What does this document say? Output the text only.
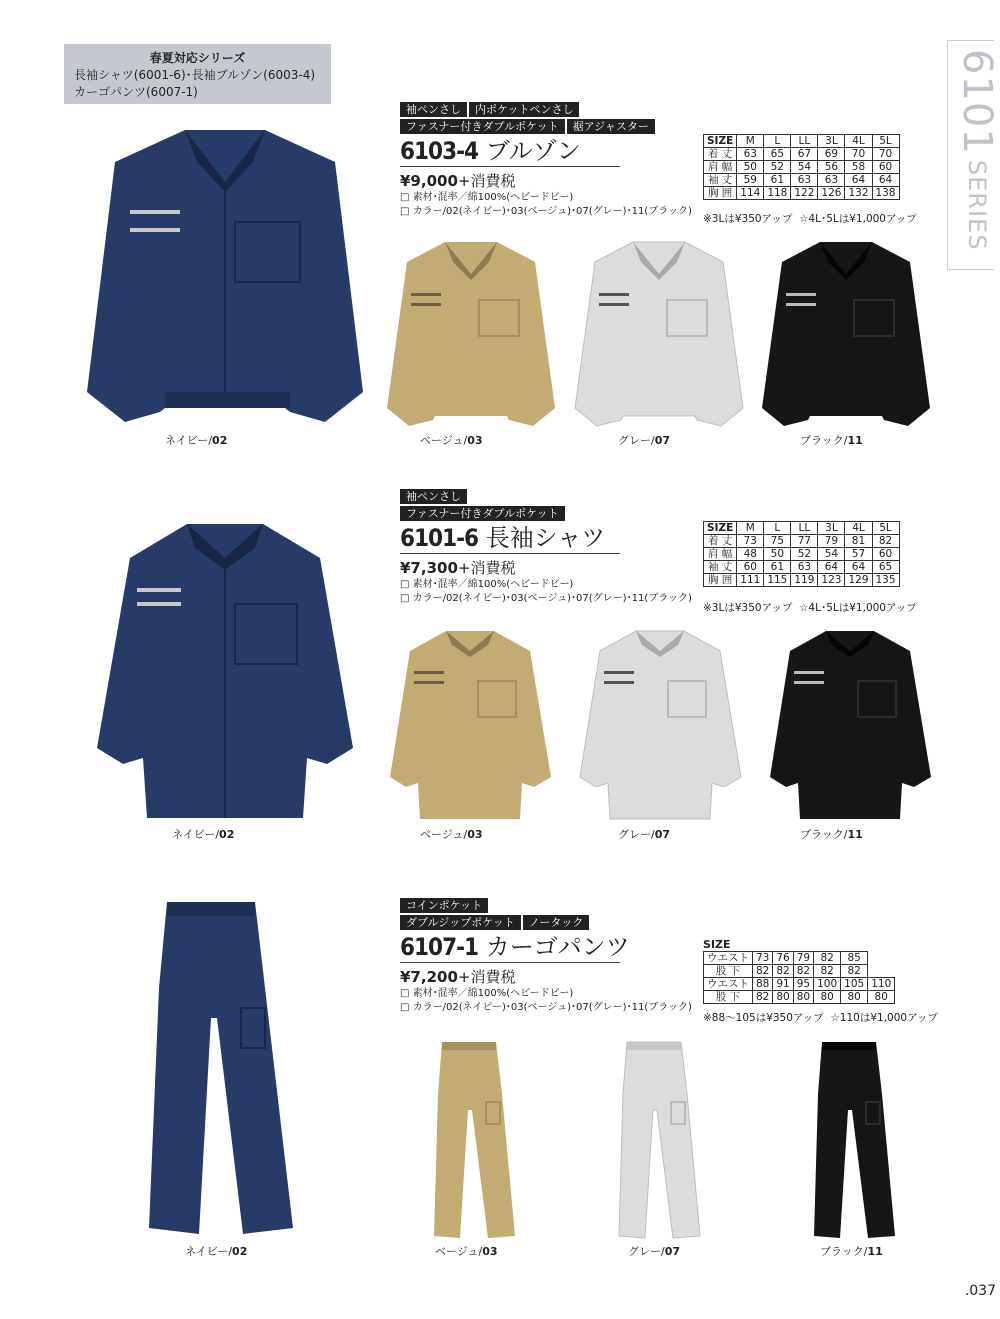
春夏対応シリーズ
長袖シャツ(6001-6)･長袖ブルゾン(6003-4)
カーゴパンツ(6007-1)	6101 SERIES
袖ペンさし 内ポケットペンさし
ファスナー付きダブルポケット 裾アジャスター
6103-4 ブルゾン
¥9,000+消費税
□ 素材･混率／綿100%(ヘビードビー)
□ カラー/02(ネイビー)･03(ベージュ)･07(グレー)･11(ブラック)
SIZE	M	L	LL	3L	4L	5L
着 丈	63	65	67	69	70	70
肩 幅	50	52	54	56	58	60
袖 丈	59	61	63	63	64	64
胸 囲	114	118	122	126	132	138
※3Lは¥350アップ ☆4L･5Lは¥1,000アップ
ネイビー/02	ベージュ/03	グレー/07	ブラック/11
袖ペンさし
ファスナー付きダブルポケット
6101-6 長袖シャツ
¥7,300+消費税
□ 素材･混率／綿100%(ヘビードビー)
□ カラー/02(ネイビー)･03(ベージュ)･07(グレー)･11(ブラック)
SIZE	M	L	LL	3L	4L	5L
着 丈	73	75	77	79	81	82
肩 幅	48	50	52	54	57	60
袖 丈	60	61	63	64	64	65
胸 囲	111	115	119	123	129	135
※3Lは¥350アップ ☆4L･5Lは¥1,000アップ
ネイビー/02	ベージュ/03	グレー/07	ブラック/11
コインポケット
ダブルジップポケット ノータック
6107-1 カーゴパンツ
¥7,200+消費税
□ 素材･混率／綿100%(ヘビードビー)
□ カラー/02(ネイビー)･03(ベージュ)･07(グレー)･11(ブラック)
SIZE
ウエスト	73	76	79	82	85	
股 下	82	82	82	82	82	
ウエスト	88	91	95	100	105	110
股 下	82	80	80	80	80	80
※88～105は¥350アップ ☆110は¥1,000アップ
ネイビー/02	ベージュ/03	グレー/07	ブラック/11
.037
